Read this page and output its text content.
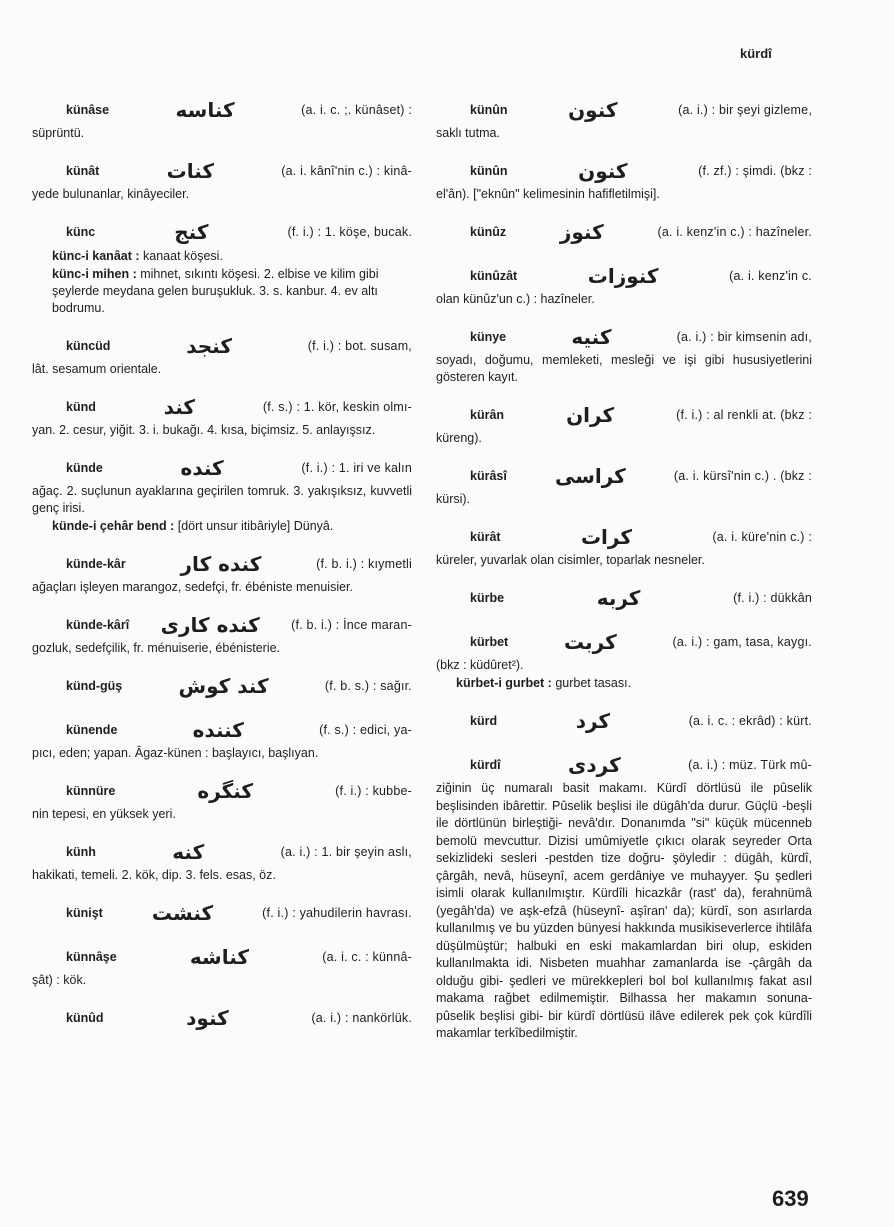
kürdî
künâse	كناسه	(a. i. c. ;. künâset) :
süprüntü.
künât	كنات	(a. i. kânî'nin c.) : kinâ-
yede bulunanlar, kinâyeciler.
künc	كنج	(f. i.) : 1. köşe, bucak.
künc-i kanâat : kanaat köşesi.
künc-i mihen : mihnet, sıkıntı köşesi. 2. elbise ve kilim gibi şeylerde meydana gelen buruşukluk. 3. s. kanbur. 4. ev altı bodrumu.
küncüd	كنجد	(f. i.) : bot. susam,
lât. sesamum orientale.
künd	كند	(f. s.) : 1. kör, keskin olmı-
yan. 2. cesur, yiğit. 3. i. bukağı. 4. kısa, biçimsiz. 5. anlayışsız.
künde	كنده	(f. i.) : 1. iri ve kalın
ağaç. 2. suçlunun ayaklarına geçirilen tomruk. 3. yakışıksız, kuvvetli genç irisi.
künde-i çehâr bend : [dört unsur itibâriyle] Dünyâ.
künde-kâr	كنده كار	(f. b. i.) : kıymetli
ağaçları işleyen marangoz, sedefçi, fr. ébéniste menuisier.
künde-kârî كنده كارى	(f. b. i.) : İnce maran-
gozluk, sedefçilik, fr. ménuiserie, ébénisterie.
künd-güş	كند كوش	(f. b. s.) : sağır.
künende	كننده	(f. s.) : edici, ya-
pıcı, eden; yapan. Âgaz-künen : başlayıcı, başlıyan.
künnüre	كنگره	(f. i.) : kubbe-
nin tepesi, en yüksek yeri.
künh	كنه	(a. i.) : 1. bir şeyin aslı,
hakikati, temeli. 2. kök, dip. 3. fels. esas, öz.
künişt كنشت	(f. i.) : yahudilerin havrası.
künnâşe	كناشه	(a. i. c. : künnâ-
şât) : kök.
künûd	كنود	(a. i.) : nankörlük.
künûn	كنون	(a. i.) : bir şeyi gizleme,
saklı tutma.
künûn	كنون	(f. zf.) : şimdi. (bkz :
el'ân). ["eknûn" kelimesinin hafifletilmişi].
künûz	كنوز	(a. i. kenz'in c.) : hazîneler.
künûzât	كنوزات	(a. i. kenz'in c.
olan künûz'un c.) : hazîneler.
künye	كنيه	(a. i.) : bir kimsenin adı,
soyadı, doğumu, memleketi, mesleği ve işi gibi hususiyetlerini gösteren kayıt.
kürân	كران	(f. i.) : al renkli at. (bkz :
küreng).
kürâsî كراسى	(a. i. kürsî'nin c.) . (bkz :
kürsi).
kürât	كرات	(a. i. küre'nin c.) :
küreler, yuvarlak olan cisimler, toparlak nesneler.
kürbe	كربه	(f. i.) : dükkân
kürbet	كربت	(a. i.) : gam, tasa, kaygı.
(bkz : küdûret²).
kürbet-i gurbet : gurbet tasası.
kürd	كرد	(a. i. c. : ekrâd) : kürt.
kürdî	كردى	(a. i.) : müz. Türk mû-
ziğinin üç numaralı basit makamı. Kürdî dörtlüsü ile pûselik beşlisinden ibârettir. Pûselik beşlisi ile dügâh'da durur. Güçlü -beşli ile dörtlünün birleştiği- nevâ'dır. Donanımda "si" küçük mücenneb bemolü mevcuttur. Dizisi umûmiyetle çıkıcı olarak seyreder Orta sekizlideki sesleri -pestden tize doğru- şöyledir : dügâh, kürdî, çârgâh, nevâ, hüseynî, acem gerdâniye ve muhayyer. Şu şedleri isimli olarak kullanılmıştır. Kürdîli hicazkâr (rast' da), ferahnümâ (yegâh'da) ve aşk-efzâ (hüseynî- aşîran' da); kürdî, son asırlarda kullanılmış ve bu yüzden bünyesi hakkında musikiseverlerce ihtilâfa düşülmüştür; halbuki en eski makamlardan biri olup, eskiden kullanılmakta idi. Nisbeten muahhar zamanlarda ise -çârgâh da olduğu gibi- şedleri ve mürekkepleri bol bol kullanılmış fakat asıl makama rağbet edilmemiştir. Bilhassa her makamın sonuna- pûselik beşlisi gibi- bir kürdî dörtlüsü ilâve edilerek pek çok kürdîli makamlar terkîbedilmiştir.
639
